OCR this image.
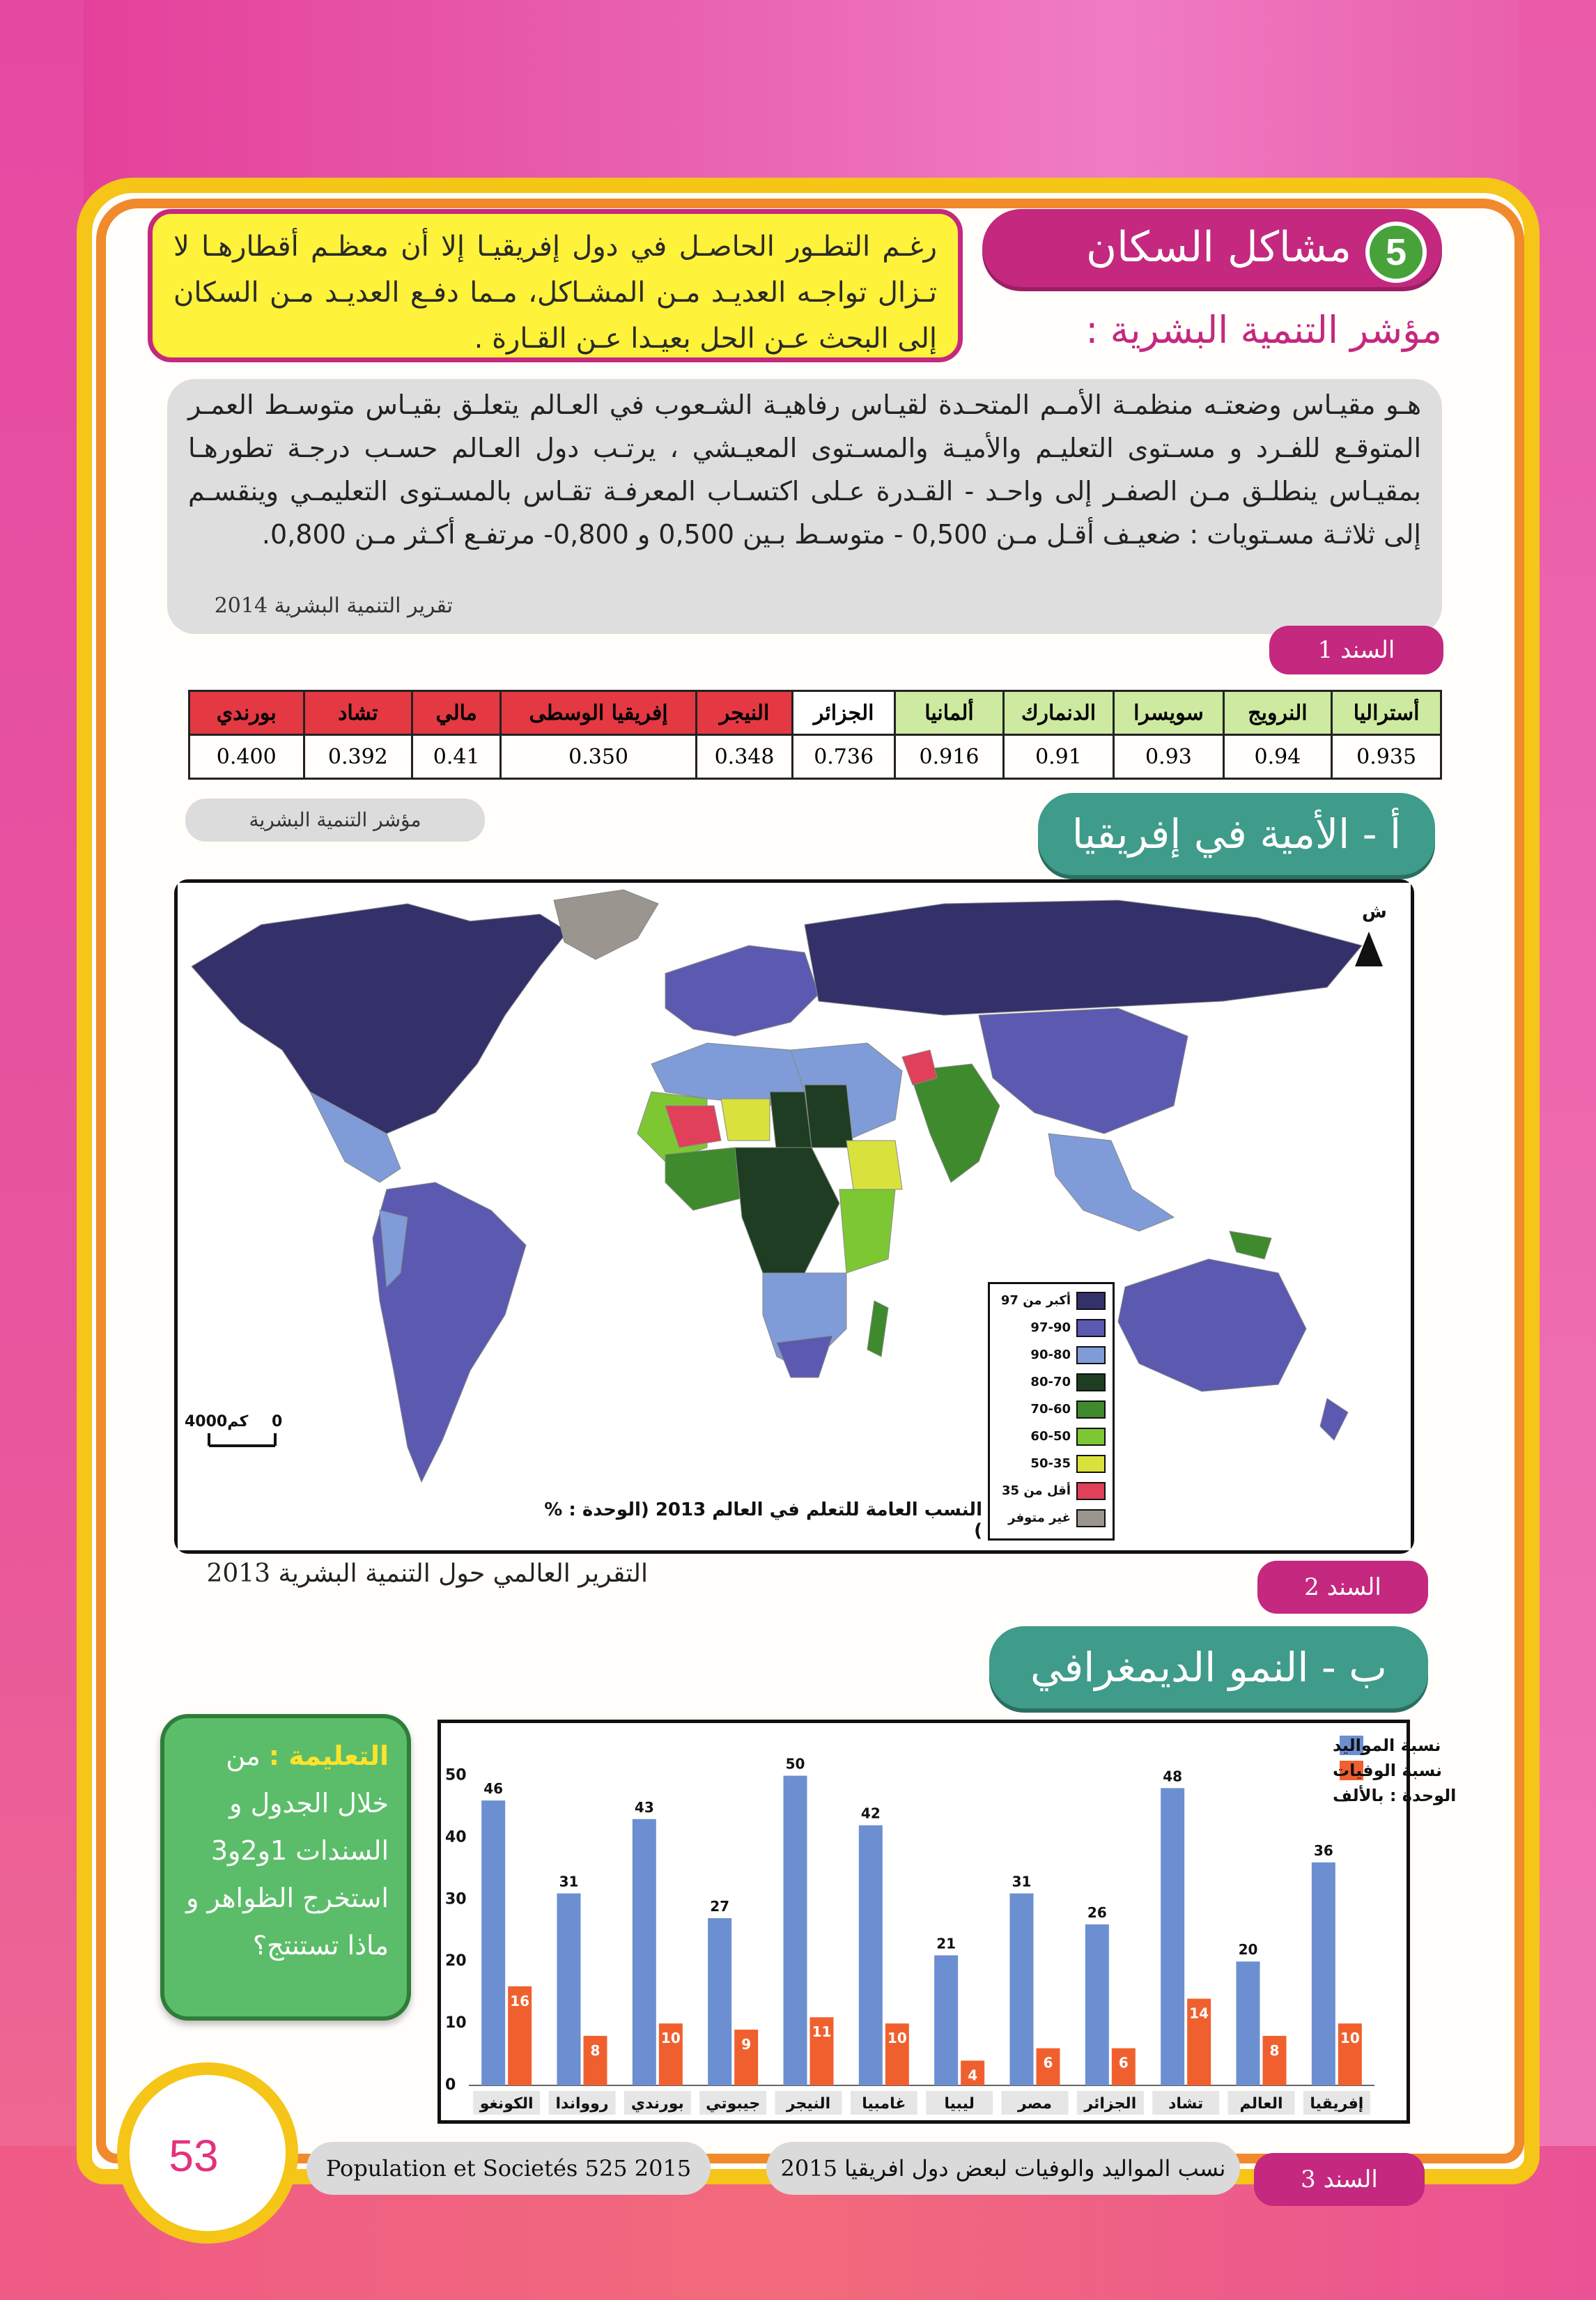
مشاكل السكان 5
رغـم التطـور الحاصـل في دول إفريقيـا إلا أن معظـم أقطارهـا لا تـزال تواجـه العديـد مـن المشـاكل، مـما دفـع العديـد مـن السكان إلى البحث عـن الحل بعيـدا عـن القـارة .	مؤشر التنمية البشرية :
هـو مقيـاس وضعتـه منظمـة الأمـم المتحـدة لقيـاس رفاهيـة الشـعوب في العـالم يتعلـق بقيـاس متوسـط العمـر المتوقـع للفـرد و مسـتوى التعليـم والأميـة والمسـتوى المعيـشي ، يرتـب دول العـالم حسـب درجـة تطورهـا بمقيـاس ينطلـق مـن الصفـر إلى واحـد - القـدرة عـلى اكتسـاب المعرفـة تقـاس بالمسـتوى التعليمـي وينقسـم إلى ثلاثـة مسـتويات : ضعيـف أقـل مـن 0,500 - متوسـط بـين 0,500 و 0,800- مرتفـع أكـثر مـن 0,800.
تقرير التنمية البشرية 2014
السند 1
أستراليا	النرويج	سويسرا	الدنمارك	ألمانيا	الجزائر	النيجر	إفريقيا الوسطى	مالي	تشاد	بورندي
0.935	0.94	0.93	0.91	0.916	0.736	0.348	0.350	0.41	0.392	0.400
مؤشر التنمية البشرية	أ - الأمية في إفريقيا
ش
4000كم 0
أكبر من 97
97-90
90-80
80-70
70-60
60-50
50-35
أقل من 35
غير متوفر
النسب العامة للتعلم في العالم 2013 (الوحدة : % )
التقرير العالمي حول التنمية البشرية 2013	السند 2
ب - النمو الديمغرافي
التعليمة : من خلال الجدول و السندات 1و2و3 استخرج الظواهر و ماذا تستنتج؟
0
10
20
30
40
50
46
16
الكونغو
31
8
روواندا
43
10
بورندي
27
9
جيبوتي
50
11
النيجر
42
10
غامبيا
21
4
ليبيا
31
6
مصر
26
6
الجزائر
48
14
تشاد
20
8
العالم
36
10
إفريقيا
نسبة المواليد
نسبة الوفيات
الوحدة : بالألف
53	Population et Societés 525 2015	نسب المواليد والوفيات لبعض دول افريقيا 2015	السند 3
